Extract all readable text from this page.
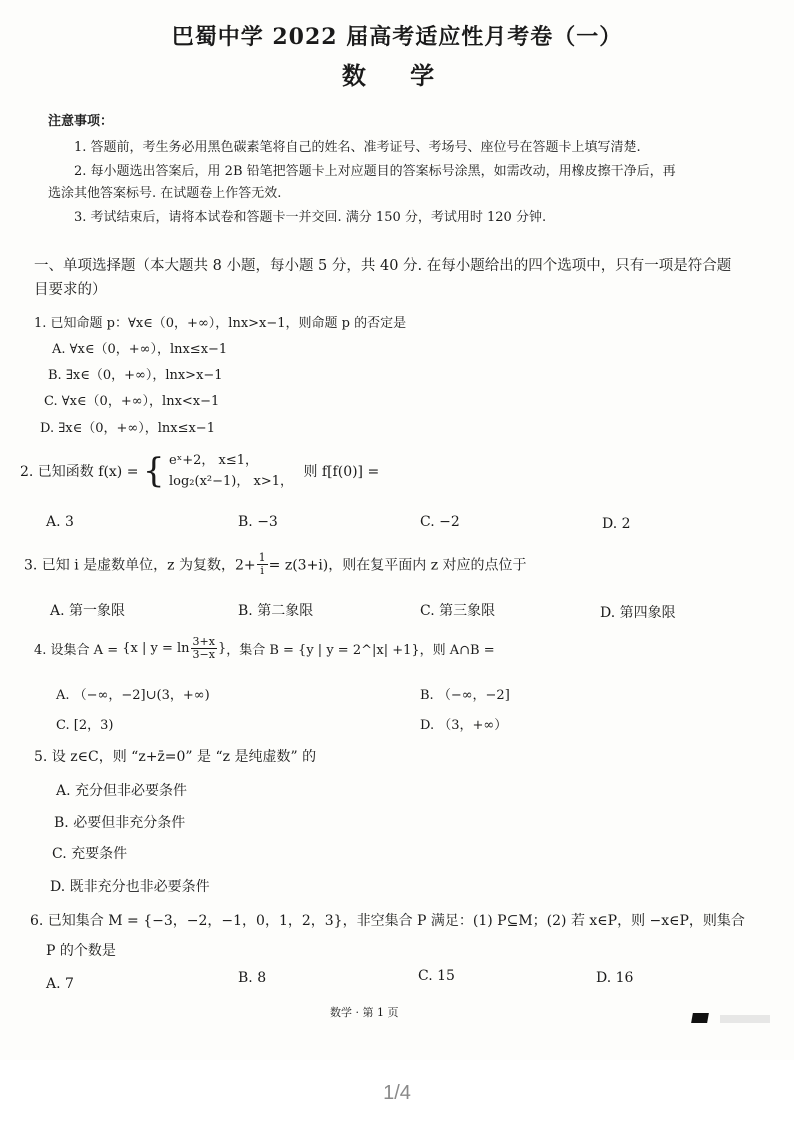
巴蜀中学 2022 届高考适应性月考卷（一）
数 学
注意事项：
1. 答题前，考生务必用黑色碳素笔将自己的姓名、准考证号、考场号、座位号在答题卡上填写清楚.
2. 每小题选出答案后，用 2B 铅笔把答题卡上对应题目的答案标号涂黑，如需改动，用橡皮擦干净后，再
选涂其他答案标号. 在试题卷上作答无效.
3. 考试结束后，请将本试卷和答题卡一并交回. 满分 150 分，考试用时 120 分钟.
一、单项选择题（本大题共 8 小题，每小题 5 分，共 40 分. 在每小题给出的四个选项中，只有一项是符合题
目要求的）
1. 已知命题 p：∀x∈（0，+∞），lnx>x−1，则命题 p 的否定是
A. ∀x∈（0，+∞），lnx≤x−1
B. ∃x∈（0，+∞），lnx>x−1
C. ∀x∈（0，+∞），lnx<x−1
D. ∃x∈（0，+∞），lnx≤x−1
2. 已知函数 f(x) = { eˣ+2， x≤1，
log₂(x²−1)， x>1，
则 f[f(0)] =
A. 3	B. −3	C. −2	D. 2
3. 已知 i 是虚数单位，z 为复数，$2+ \frac{1}{i} = z(3+i)$，则在复平面内 z 对应的点位于
A. 第一象限	B. 第二象限	C. 第三象限	D. 第四象限
4. 设集合 A = {x | $y = \ln \frac{3+x}{3-x}$ }，集合 B = {y | y = 2^|x| +1}，则 A∩B =
A. （−∞，−2]∪(3，+∞)	B. （−∞，−2]
C. [2，3)	D. （3，+∞）
5. 设 z∈C，则 “z+z̄=0” 是 “z 是纯虚数” 的
A. 充分但非必要条件
B. 必要但非充分条件
C. 充要条件
D. 既非充分也非必要条件
6. 已知集合 M = {−3，−2，−1，0，1，2，3}，非空集合 P 满足：(1) P⊆M；(2) 若 x∈P，则 −x∈P，则集合
P 的个数是
A. 7	B. 8	C. 15	D. 16
数学 · 第 1 页
1/4
